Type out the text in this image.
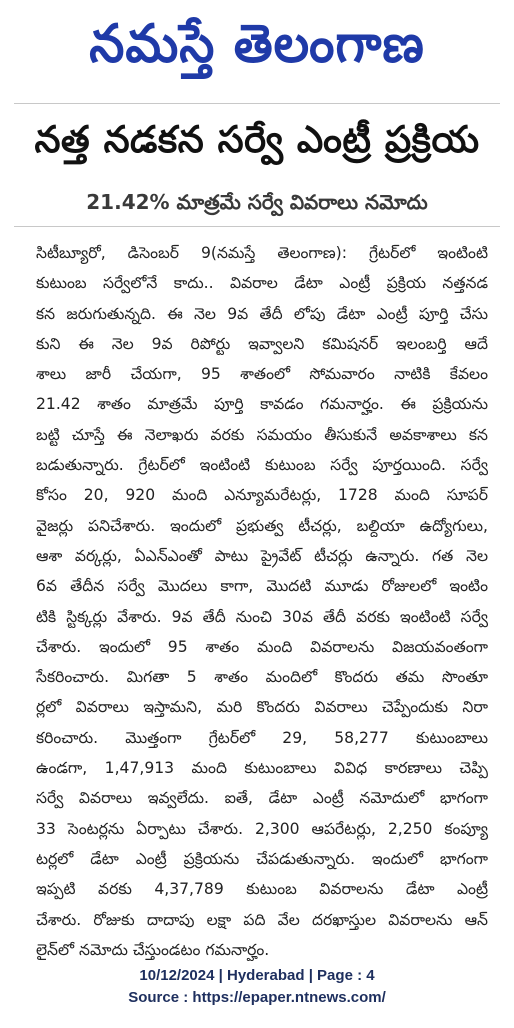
నమస్తే తెలంగాణ
నత్త నడకన సర్వే ఎంట్రీ ప్రక్రియ
21.42% మాత్రమే సర్వే వివరాలు నమోదు
సిటీబ్యూరో, డిసెంబర్ 9(నమస్తే తెలంగాణ): గ్రేటర్‌లో ఇంటింటి
కుటుంబ సర్వేలోనే కాదు.. వివరాల డేటా ఎంట్రీ ప్రక్రియ నత్తనడ
కన జరుగుతున్నది. ఈ నెల 9వ తేదీ లోపు డేటా ఎంట్రీ పూర్తి చేసు
కుని ఈ నెల 9వ రిపోర్టు ఇవ్వాలని కమిషనర్ ఇలంబర్తి ఆదే
శాలు జారీ చేయగా, 95 శాతంలో సోమవారం నాటికి కేవలం
21.42 శాతం మాత్రమే పూర్తి కావడం గమనార్హం. ఈ ప్రక్రియను
బట్టి చూస్తే ఈ నెలాఖరు వరకు సమయం తీసుకునే అవకాశాలు కన
బడుతున్నారు. గ్రేటర్‌లో ఇంటింటి కుటుంబ సర్వే పూర్తయింది. సర్వే
కోసం 20, 920 మంది ఎన్యూమరేటర్లు, 1728 మంది సూపర్
వైజర్లు పనిచేశారు. ఇందులో ప్రభుత్వ టీచర్లు, బల్దియా ఉద్యోగులు,
ఆశా వర్కర్లు, ఏఎన్‌ఎంతో పాటు ప్రైవేట్ టీచర్లు ఉన్నారు. గత నెల
6వ తేదీన సర్వే మొదలు కాగా, మొదటి మూడు రోజులలో ఇంటిం
టికి స్టిక్కర్లు వేశారు. 9వ తేదీ నుంచి 30వ తేదీ వరకు ఇంటింటి సర్వే
చేశారు. ఇందులో 95 శాతం మంది వివరాలను విజయవంతంగా
సేకరించారు. మిగతా 5 శాతం మందిలో కొందరు తమ సొంతూ
ర్లలో వివరాలు ఇస్తామని, మరి కొందరు వివరాలు చెప్పేందుకు నిరా
కరించారు. మొత్తంగా గ్రేటర్‌లో 29, 58,277 కుటుంబాలు
ఉండగా, 1,47,913 మంది కుటుంబాలు వివిధ కారణాలు చెప్పి
సర్వే వివరాలు ఇవ్వలేదు. ఐతే, డేటా ఎంట్రీ నమోదులో భాగంగా
33 సెంటర్లను ఏర్పాటు చేశారు. 2,300 ఆపరేటర్లు, 2,250 కంప్యూ
టర్లలో డేటా ఎంట్రీ ప్రక్రియను చేపడుతున్నారు. ఇందులో భాగంగా
ఇప్పటి వరకు 4,37,789 కుటుంబ వివరాలను డేటా ఎంట్రీ
చేశారు. రోజుకు దాదాపు లక్షా పది వేల దరఖాస్తుల వివరాలను ఆన్
లైన్‌లో నమోదు చేస్తుండటం గమనార్హం.
10/12/2024 | Hyderabad | Page : 4
Source : https://epaper.ntnews.com/
